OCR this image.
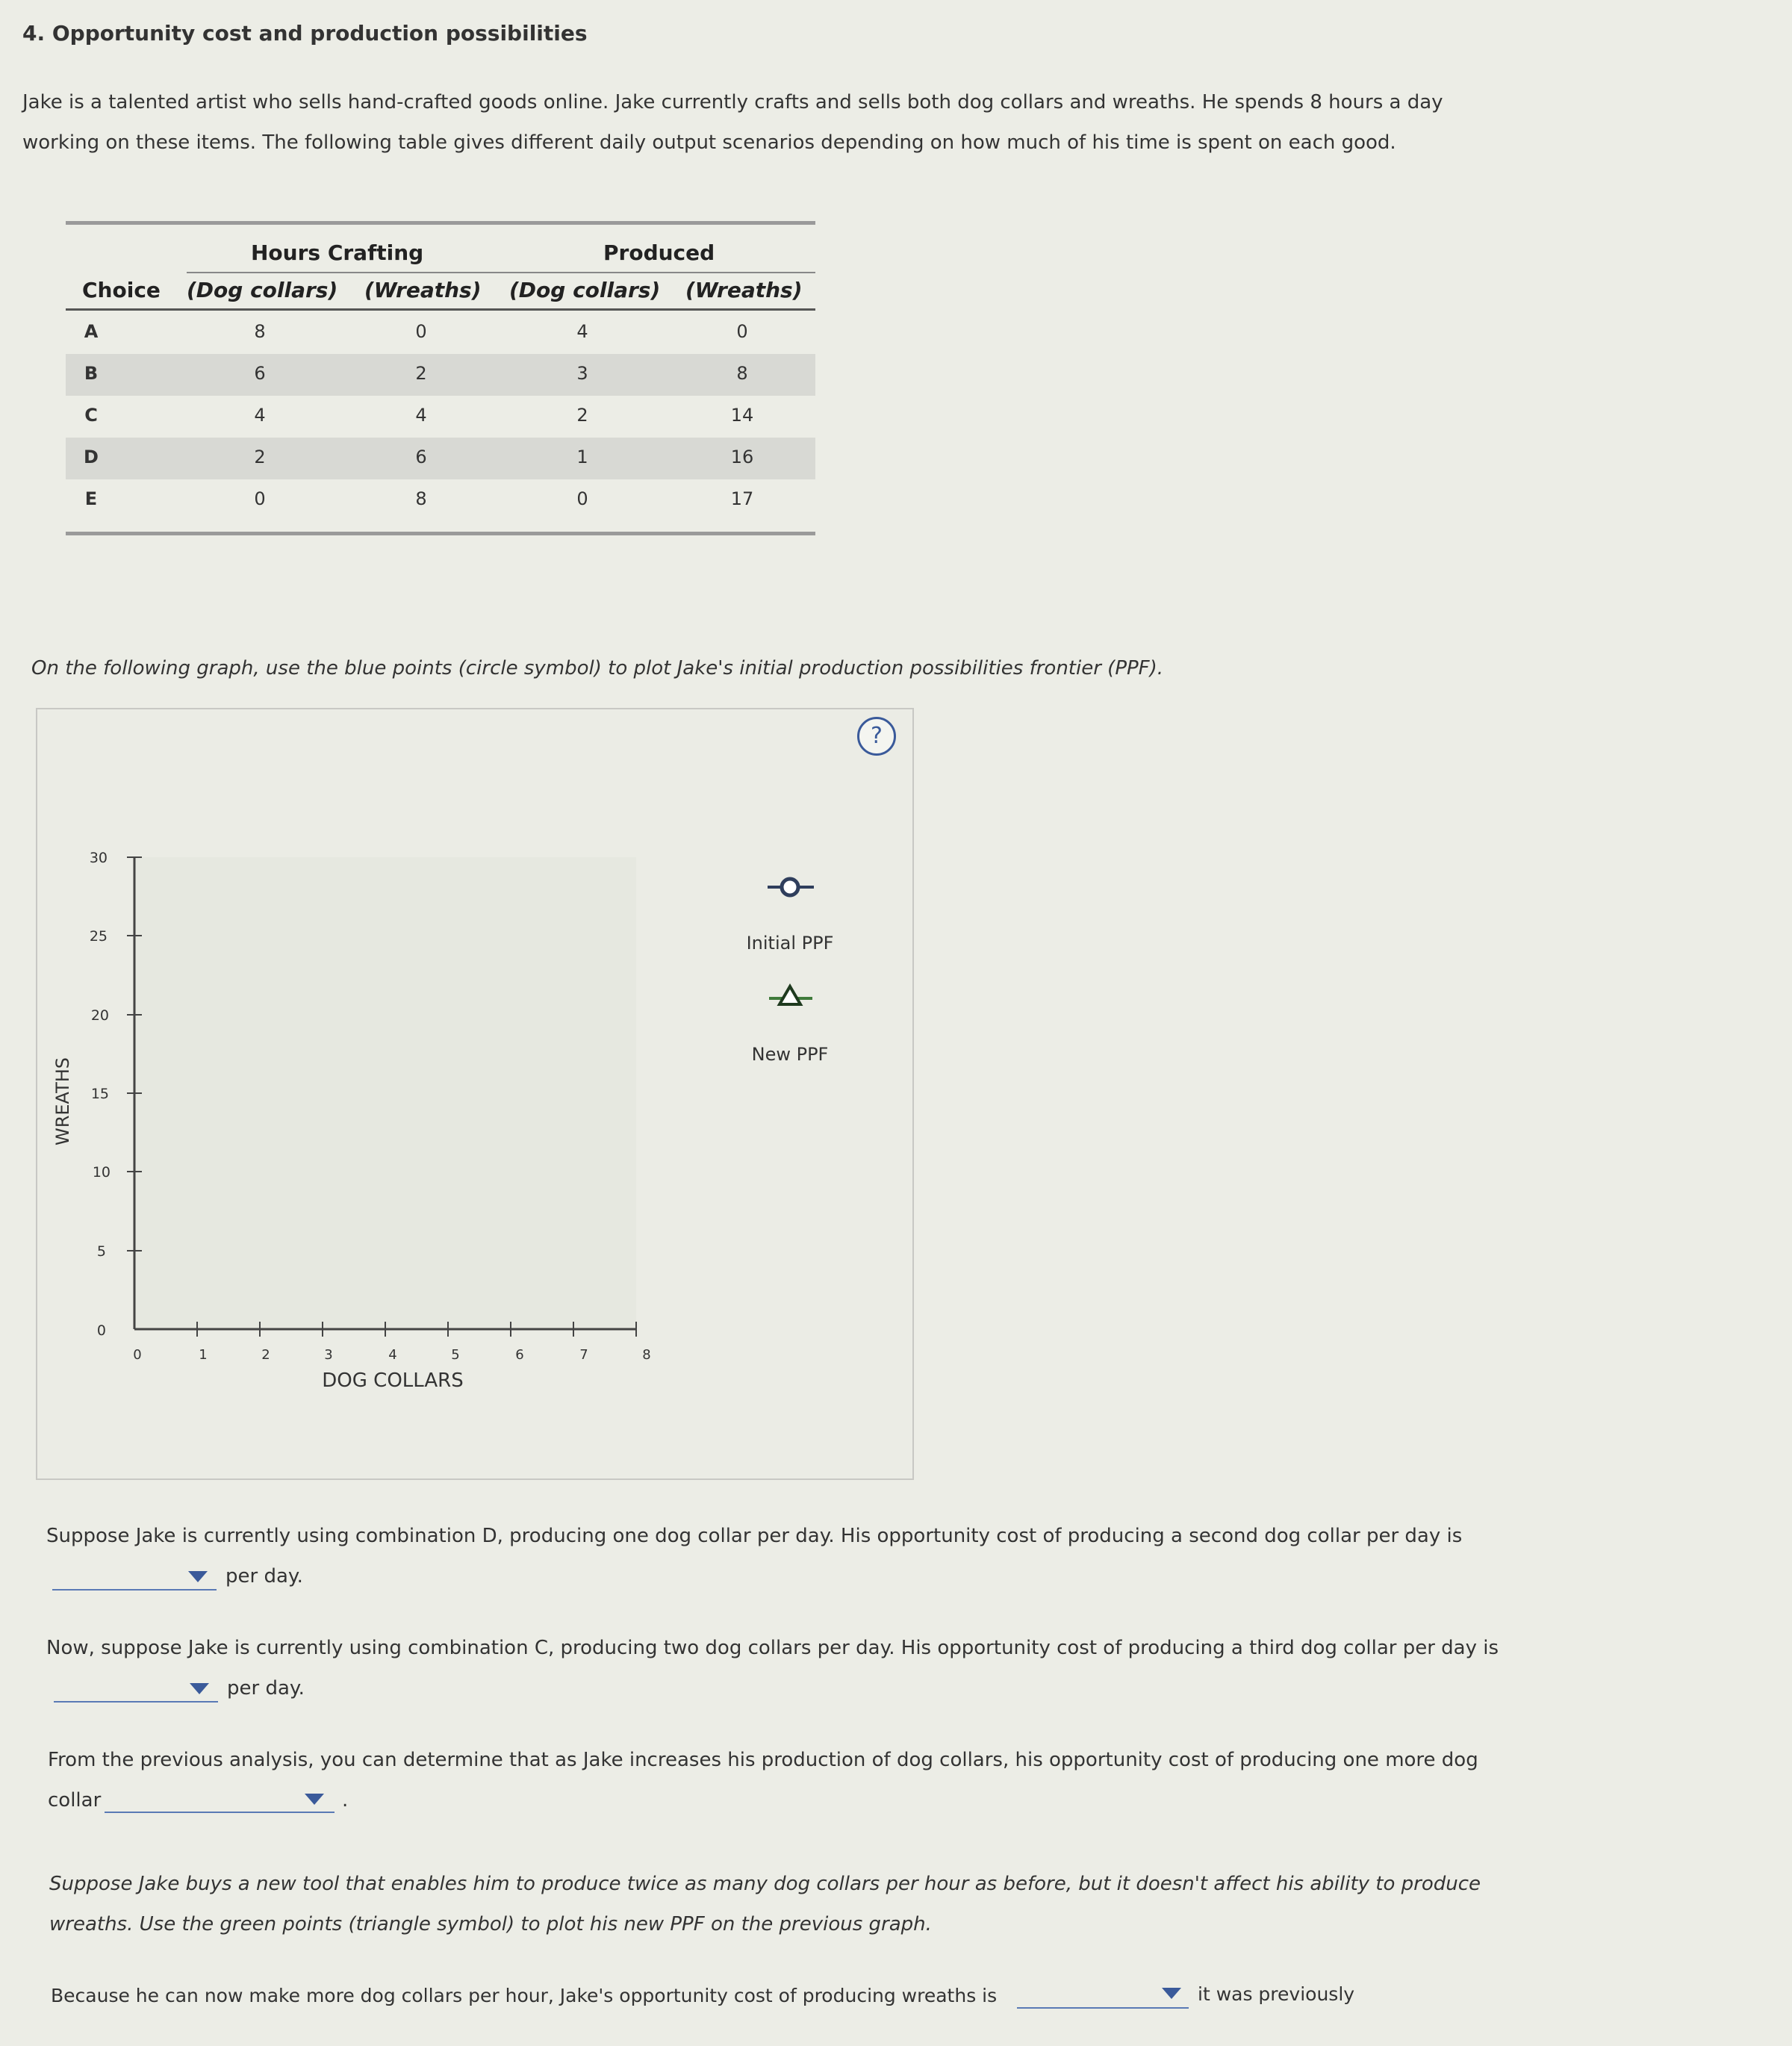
4. Opportunity cost and production possibilities
Jake is a talented artist who sells hand-crafted goods online. Jake currently crafts and sells both dog collars and wreaths. He spends 8 hours a day
working on these items. The following table gives different daily output scenarios depending on how much of his time is spent on each good.
Hours Crafting	Produced
Choice (Dog collars) (Wreaths) (Dog collars) (Wreaths)
A	8	0	4	0
B	6	2	3	8
C	4	4	2	14
D	2	6	1	16
E	0	8	0	17
On the following graph, use the blue points (circle symbol) to plot Jake's initial production possibilities frontier (PPF).
?
30
25
20
15
10
5
0
0	1	2	3	4	5	6	7	8
DOG COLLARS
WREATHS
Initial PPF
New PPF
Suppose Jake is currently using combination D, producing one dog collar per day. His opportunity cost of producing a second dog collar per day is
per day.
Now, suppose Jake is currently using combination C, producing two dog collars per day. His opportunity cost of producing a third dog collar per day is
per day.
From the previous analysis, you can determine that as Jake increases his production of dog collars, his opportunity cost of producing one more dog
collar	.
Suppose Jake buys a new tool that enables him to produce twice as many dog collars per hour as before, but it doesn't affect his ability to produce
wreaths. Use the green points (triangle symbol) to plot his new PPF on the previous graph.
Because he can now make more dog collars per hour, Jake's opportunity cost of producing wreaths is	it was previously
